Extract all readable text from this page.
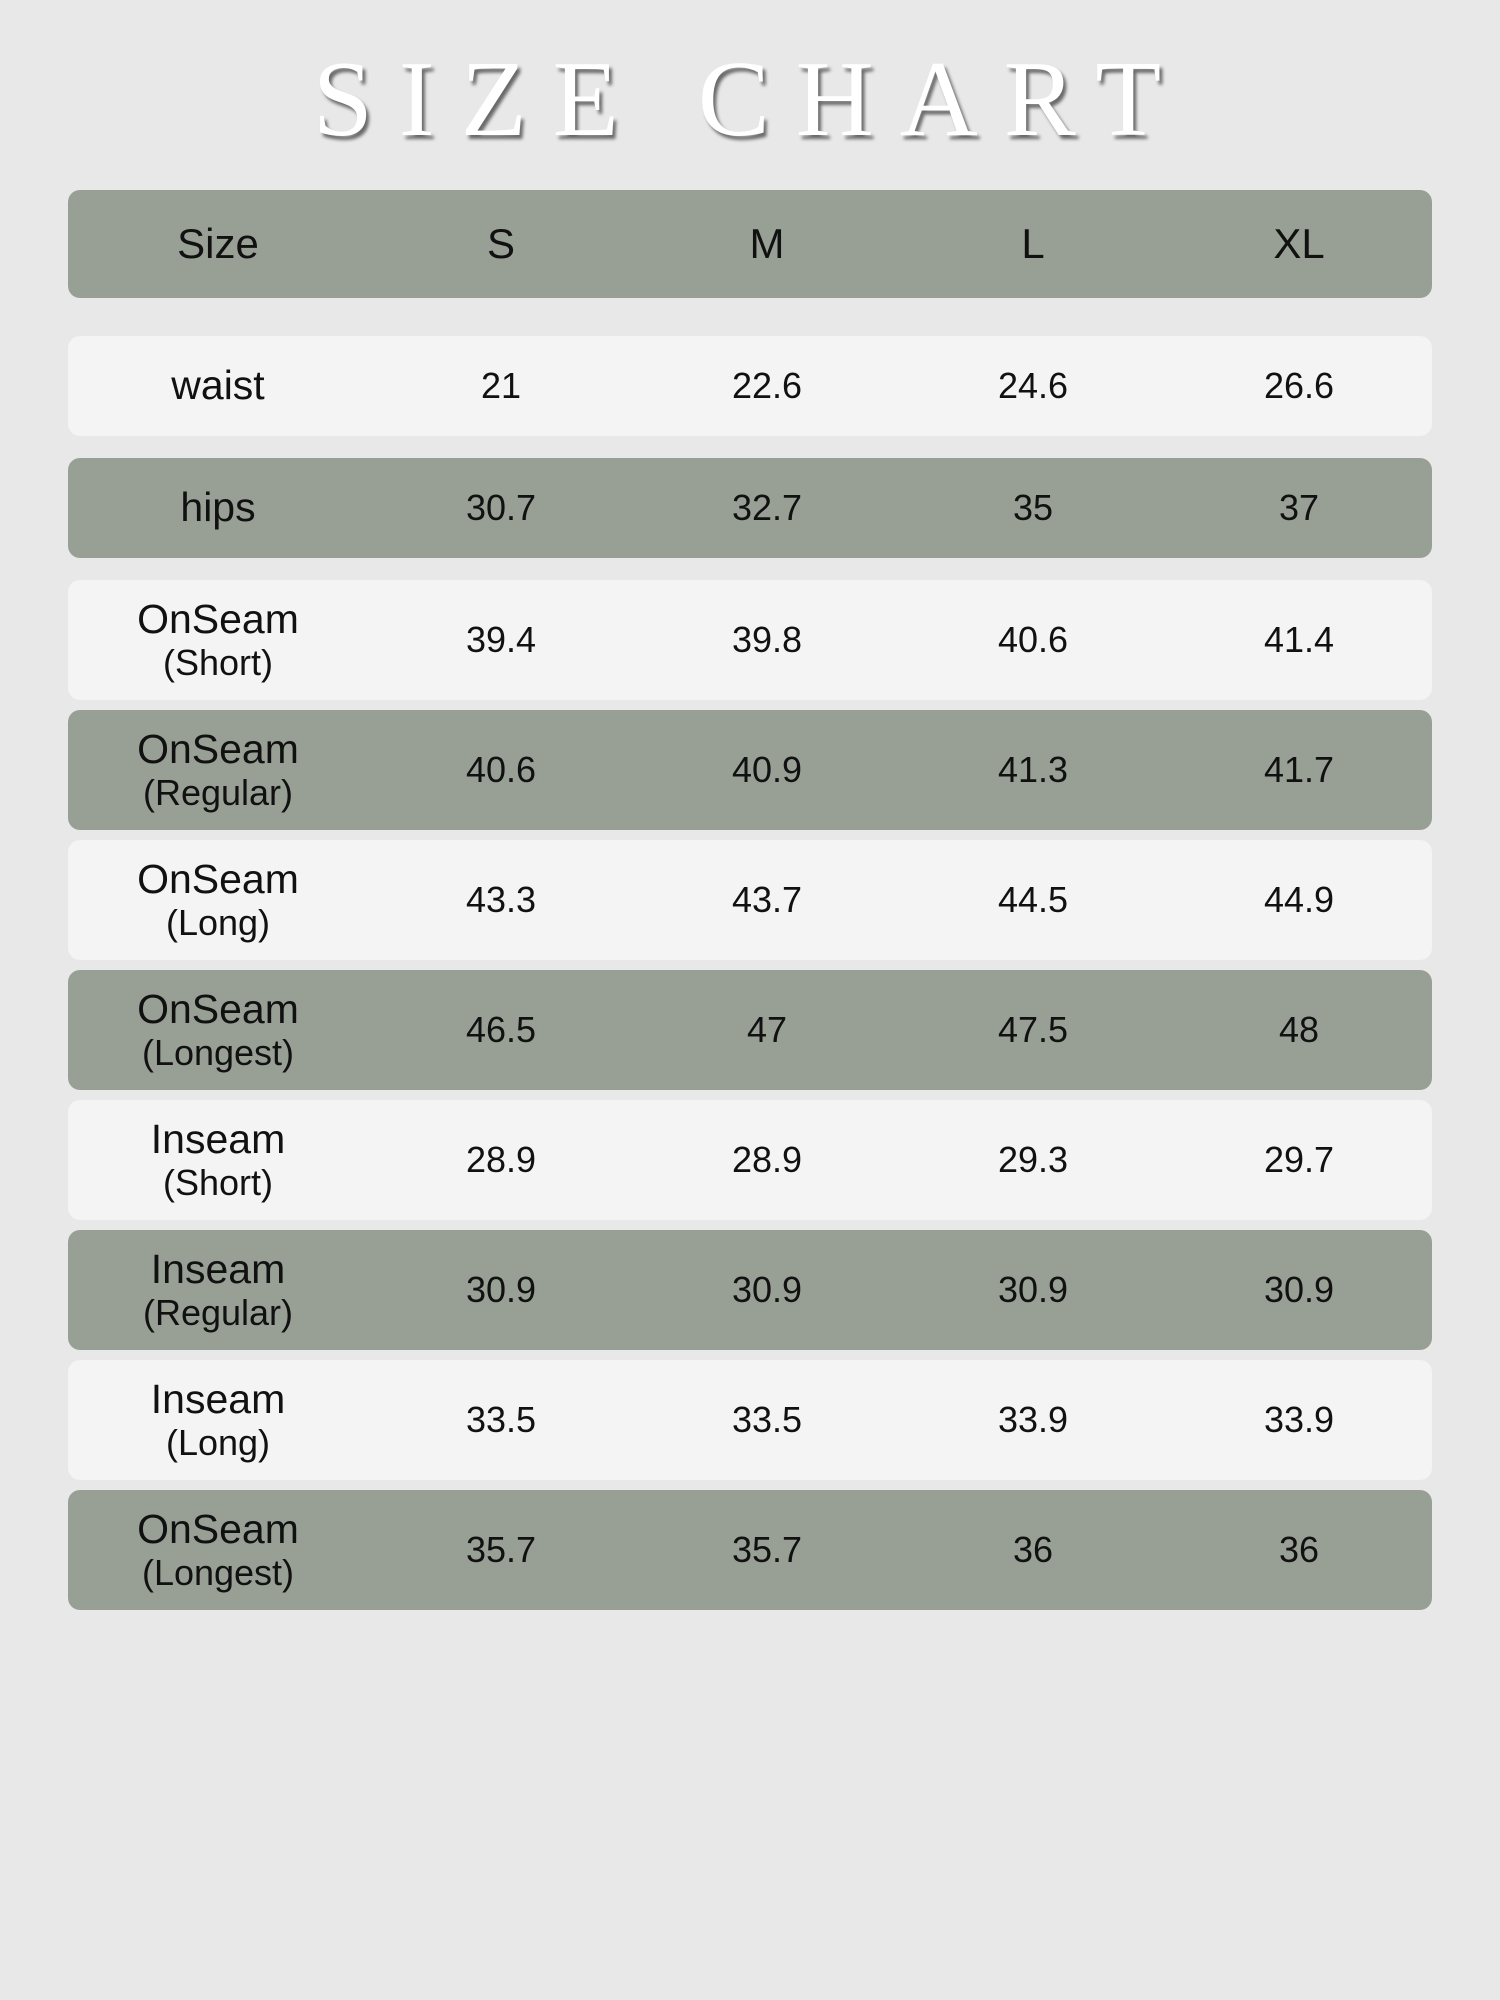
SIZE CHART
Size	S	M	L	XL
waist	21	22.6	24.6	26.6
hips	30.7	32.7	35	37
OnSeam
(Short)
39.4	39.8	40.6	41.4
OnSeam
(Regular)
40.6	40.9	41.3	41.7
OnSeam
(Long)
43.3	43.7	44.5	44.9
OnSeam
(Longest)
46.5	47	47.5	48
Inseam
(Short)
28.9	28.9	29.3	29.7
Inseam
(Regular)
30.9	30.9	30.9	30.9
Inseam
(Long)
33.5	33.5	33.9	33.9
OnSeam
(Longest)
35.7	35.7	36	36
